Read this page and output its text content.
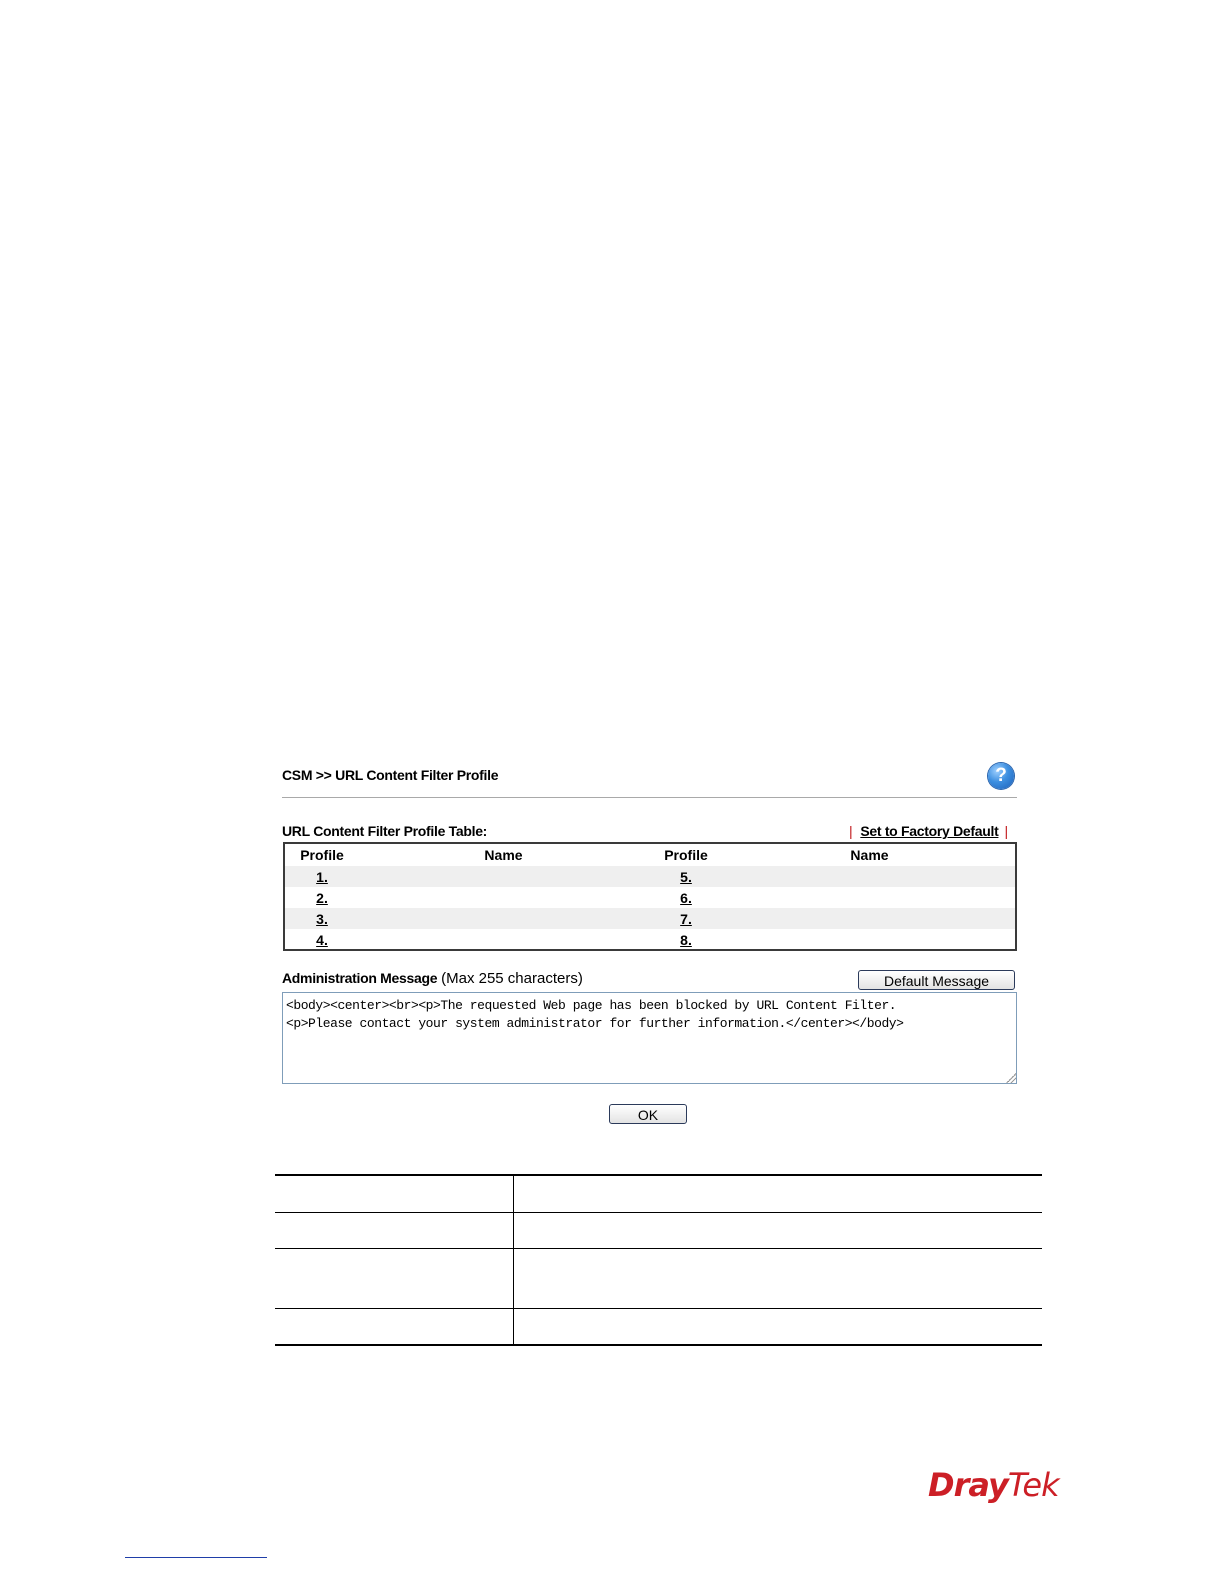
CSM >> URL Content Filter Profile	?
URL Content Filter Profile Table:	| Set to Factory Default |
Profile	Name	Profile	Name
1.		5.	
2.		6.	
3.		7.	
4.		8.	
Administration Message (Max 255 characters)	Default Message
<body><center><br><p>The requested Web page has been blocked by URL Content Filter. <p>Please contact your system administrator for further information.</center></body>
OK
DrayTek
